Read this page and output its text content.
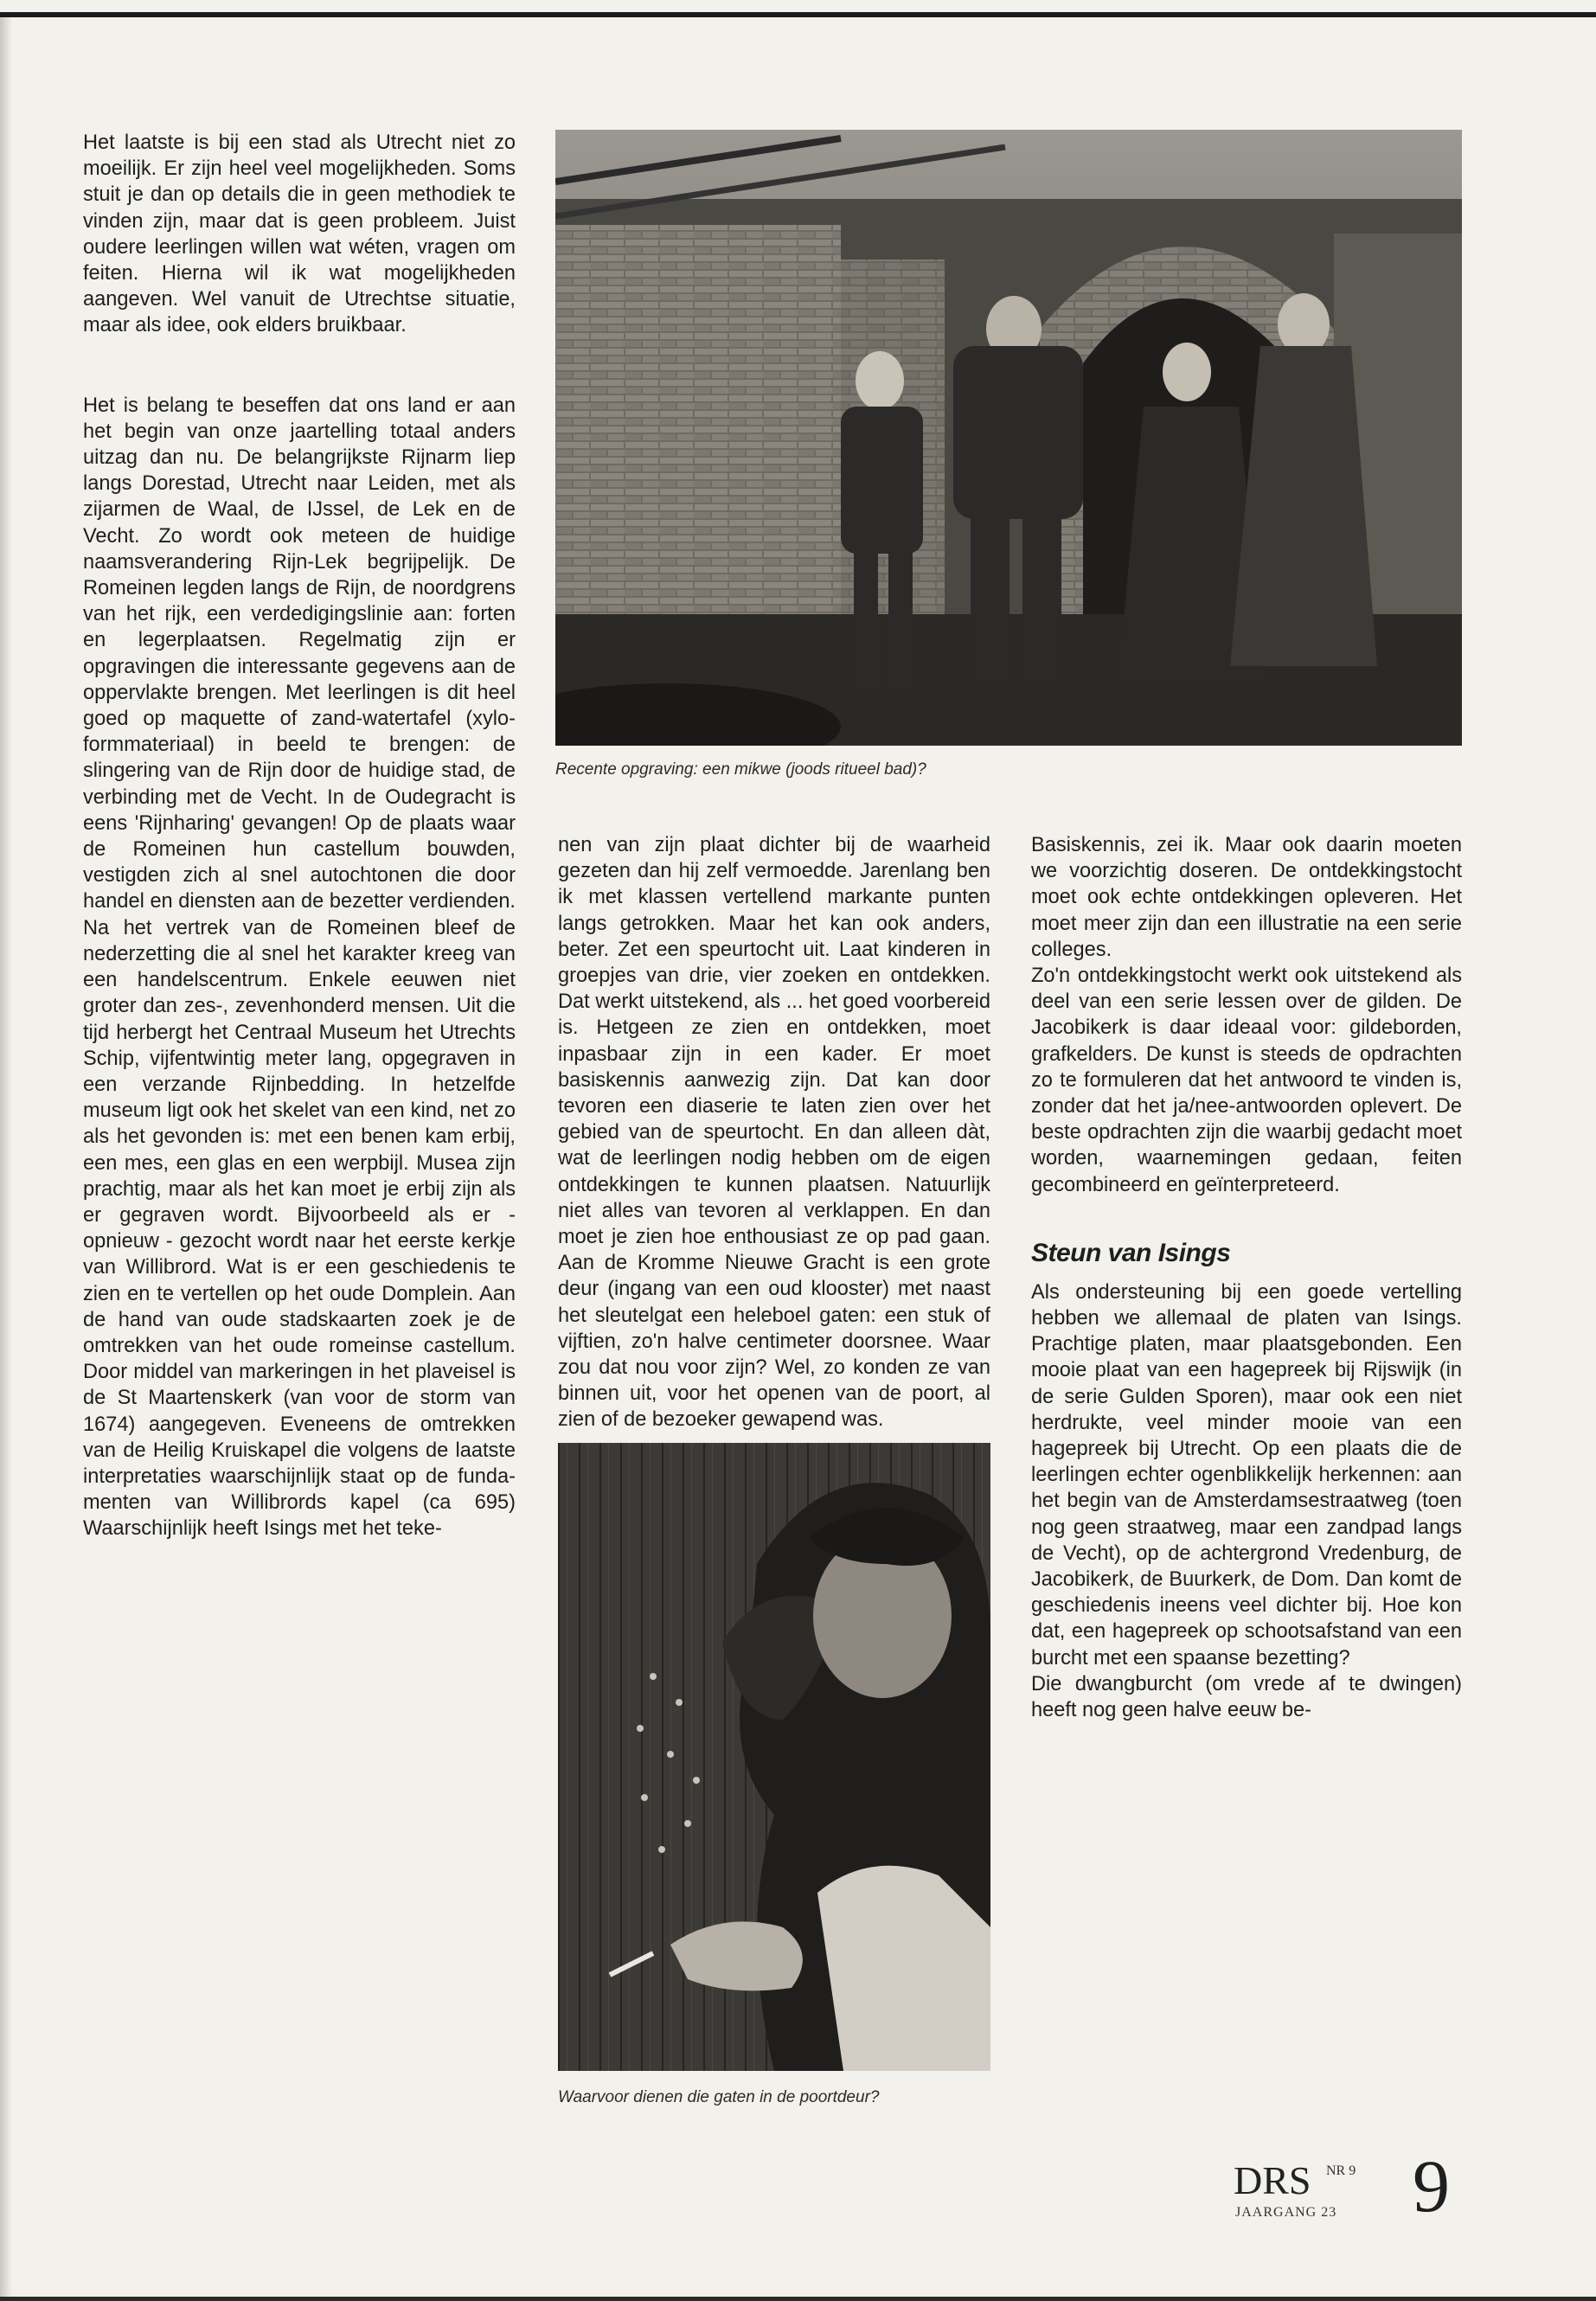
Het laatste is bij een stad als Utrecht niet zo moeilijk. Er zijn heel veel mogelijkheden. Soms stuit je dan op details die in geen methodiek te vinden zijn, maar dat is geen probleem. Juist oudere leerlingen willen wat wéten, vragen om feiten. Hierna wil ik wat mogelijkheden aangeven. Wel vanuit de Utrechtse situatie, maar als idee, ook elders bruikbaar.

Het is belang te beseffen dat ons land er aan het begin van onze jaartelling totaal anders uitzag dan nu. De belangrijkste Rijnarm liep langs Dorestad, Utrecht naar Leiden, met als zijarmen de Waal, de IJssel, de Lek en de Vecht. Zo wordt ook meteen de huidige naamsverandering Rijn-Lek begrijpelijk. De Romeinen legden langs de Rijn, de noordgrens van het rijk, een verdedigingslinie aan: forten en legerplaatsen. Regelmatig zijn er opgravingen die interessante gegevens aan de oppervlakte brengen. Met leerlingen is dit heel goed op maquette of zand-watertafel (xyloformmateriaal) in beeld te brengen: de slingering van de Rijn door de huidige stad, de verbinding met de Vecht. In de Oudegracht is eens 'Rijnharing' gevangen! Op de plaats waar de Romeinen hun castellum bouwden, vestigden zich al snel autochtonen die door handel en diensten aan de bezetter verdienden. Na het vertrek van de Romeinen bleef de nederzetting die al snel het karakter kreeg van een handelscentrum. Enkele eeuwen niet groter dan zes-, zevenhonderd mensen. Uit die tijd herbergt het Centraal Museum het Utrechts Schip, vijfentwintig meter lang, opgegraven in een verzande Rijnbedding. In hetzelfde museum ligt ook het skelet van een kind, net zo als het gevonden is: met een benen kam erbij, een mes, een glas en een werpbijl. Musea zijn prachtig, maar als het kan moet je erbij zijn als er gegraven wordt. Bijvoorbeeld als er - opnieuw - gezocht wordt naar het eerste kerkje van Willibrord. Wat is er een geschiedenis te zien en te vertellen op het oude Domplein. Aan de hand van oude stadskaarten zoek je de omtrekken van het oude romeinse castellum. Door middel van markeringen in het plaveisel is de St Maartenskerk (van voor de storm van 1674) aangegeven. Eveneens de omtrekken van de Heilig Kruiskapel die volgens de laatste interpretaties waarschijnlijk staat op de fundamenten van Willibrords kapel (ca 695) Waarschijnlijk heeft Isings met het teke-

Recente opgraving: een mikwe (joods ritueel bad)?

nen van zijn plaat dichter bij de waarheid gezeten dan hij zelf vermoedde. Jarenlang ben ik met klassen vertellend markante punten langs getrokken. Maar het kan ook anders, beter. Zet een speurtocht uit. Laat kinderen in groepjes van drie, vier zoeken en ontdekken. Dat werkt uitstekend, als ... het goed voorbereid is. Hetgeen ze zien en ontdekken, moet inpasbaar zijn in een kader. Er moet basiskennis aanwezig zijn. Dat kan door tevoren een diaserie te laten zien over het gebied van de speurtocht. En dan alleen dàt, wat de leerlingen nodig hebben om de eigen ontdekkingen te kunnen plaatsen. Natuurlijk niet alles van tevoren al verklappen. En dan moet je zien hoe enthousiast ze op pad gaan. Aan de Kromme Nieuwe Gracht is een grote deur (ingang van een oud klooster) met naast het sleutelgat een heleboel gaten: een stuk of vijftien, zo'n halve centimeter doorsnee. Waar zou dat nou voor zijn? Wel, zo konden ze van binnen uit, voor het openen van de poort, al zien of de bezoeker gewapend was.

Waarvoor dienen die gaten in de poortdeur?

Basiskennis, zei ik. Maar ook daarin moeten we voorzichtig doseren. De ontdekkingstocht moet ook echte ontdekkingen opleveren. Het moet meer zijn dan een illustratie na een serie colleges.

Zo'n ontdekkingstocht werkt ook uitstekend als deel van een serie lessen over de gilden. De Jacobikerk is daar ideaal voor: gildeborden, grafkelders. De kunst is steeds de opdrachten zo te formuleren dat het antwoord te vinden is, zonder dat het ja/nee-antwoorden oplevert. De beste opdrachten zijn die waarbij gedacht moet worden, waarnemingen gedaan, feiten gecombineerd en geïnterpreteerd.

Steun van Isings

Als ondersteuning bij een goede vertelling hebben we allemaal de platen van Isings. Prachtige platen, maar plaatsgebonden. Een mooie plaat van een hagepreek bij Rijswijk (in de serie Gulden Sporen), maar ook een niet herdrukte, veel minder mooie van een hagepreek bij Utrecht. Op een plaats die de leerlingen echter ogenblikkelijk herkennen: aan het begin van de Amsterdamsestraatweg (toen nog geen straatweg, maar een zandpad langs de Vecht), op de achtergrond Vredenburg, de Jacobikerk, de Buurkerk, de Dom. Dan komt de geschiedenis ineens veel dichter bij. Hoe kon dat, een hagepreek op schootsafstand van een burcht met een spaanse bezetting?

Die dwangburcht (om vrede af te dwingen) heeft nog geen halve eeuw be-

DRS NR 9
JAARGANG 23 9
